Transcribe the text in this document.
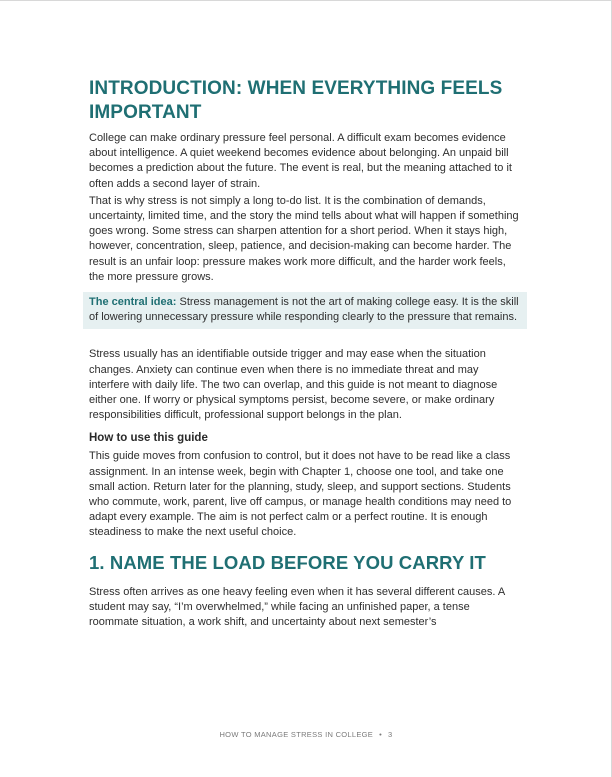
INTRODUCTION: WHEN EVERYTHING FEELS IMPORTANT

College can make ordinary pressure feel personal. A difficult exam becomes evidence about intelligence. A quiet weekend becomes evidence about belonging. An unpaid bill becomes a prediction about the future. The event is real, but the meaning attached to it often adds a second layer of strain.

That is why stress is not simply a long to-do list. It is the combination of demands, uncertainty, limited time, and the story the mind tells about what will happen if something goes wrong. Some stress can sharpen attention for a short period. When it stays high, however, concentration, sleep, patience, and decision-making can become harder. The result is an unfair loop: pressure makes work more difficult, and the harder work feels, the more pressure grows.

The central idea: Stress management is not the art of making college easy. It is the skill of lowering unnecessary pressure while responding clearly to the pressure that remains.

Stress usually has an identifiable outside trigger and may ease when the situation changes. Anxiety can continue even when there is no immediate threat and may interfere with daily life. The two can overlap, and this guide is not meant to diagnose either one. If worry or physical symptoms persist, become severe, or make ordinary responsibilities difficult, professional support belongs in the plan.

How to use this guide

This guide moves from confusion to control, but it does not have to be read like a class assignment. In an intense week, begin with Chapter 1, choose one tool, and take one small action. Return later for the planning, study, sleep, and support sections. Students who commute, work, parent, live off campus, or manage health conditions may need to adapt every example. The aim is not perfect calm or a perfect routine. It is enough steadiness to make the next useful choice.

1. NAME THE LOAD BEFORE YOU CARRY IT

Stress often arrives as one heavy feeling even when it has several different causes. A student may say, “I’m overwhelmed,” while facing an unfinished paper, a tense roommate situation, a work shift, and uncertainty about next semester’s

HOW TO MANAGE STRESS IN COLLEGE • 3
